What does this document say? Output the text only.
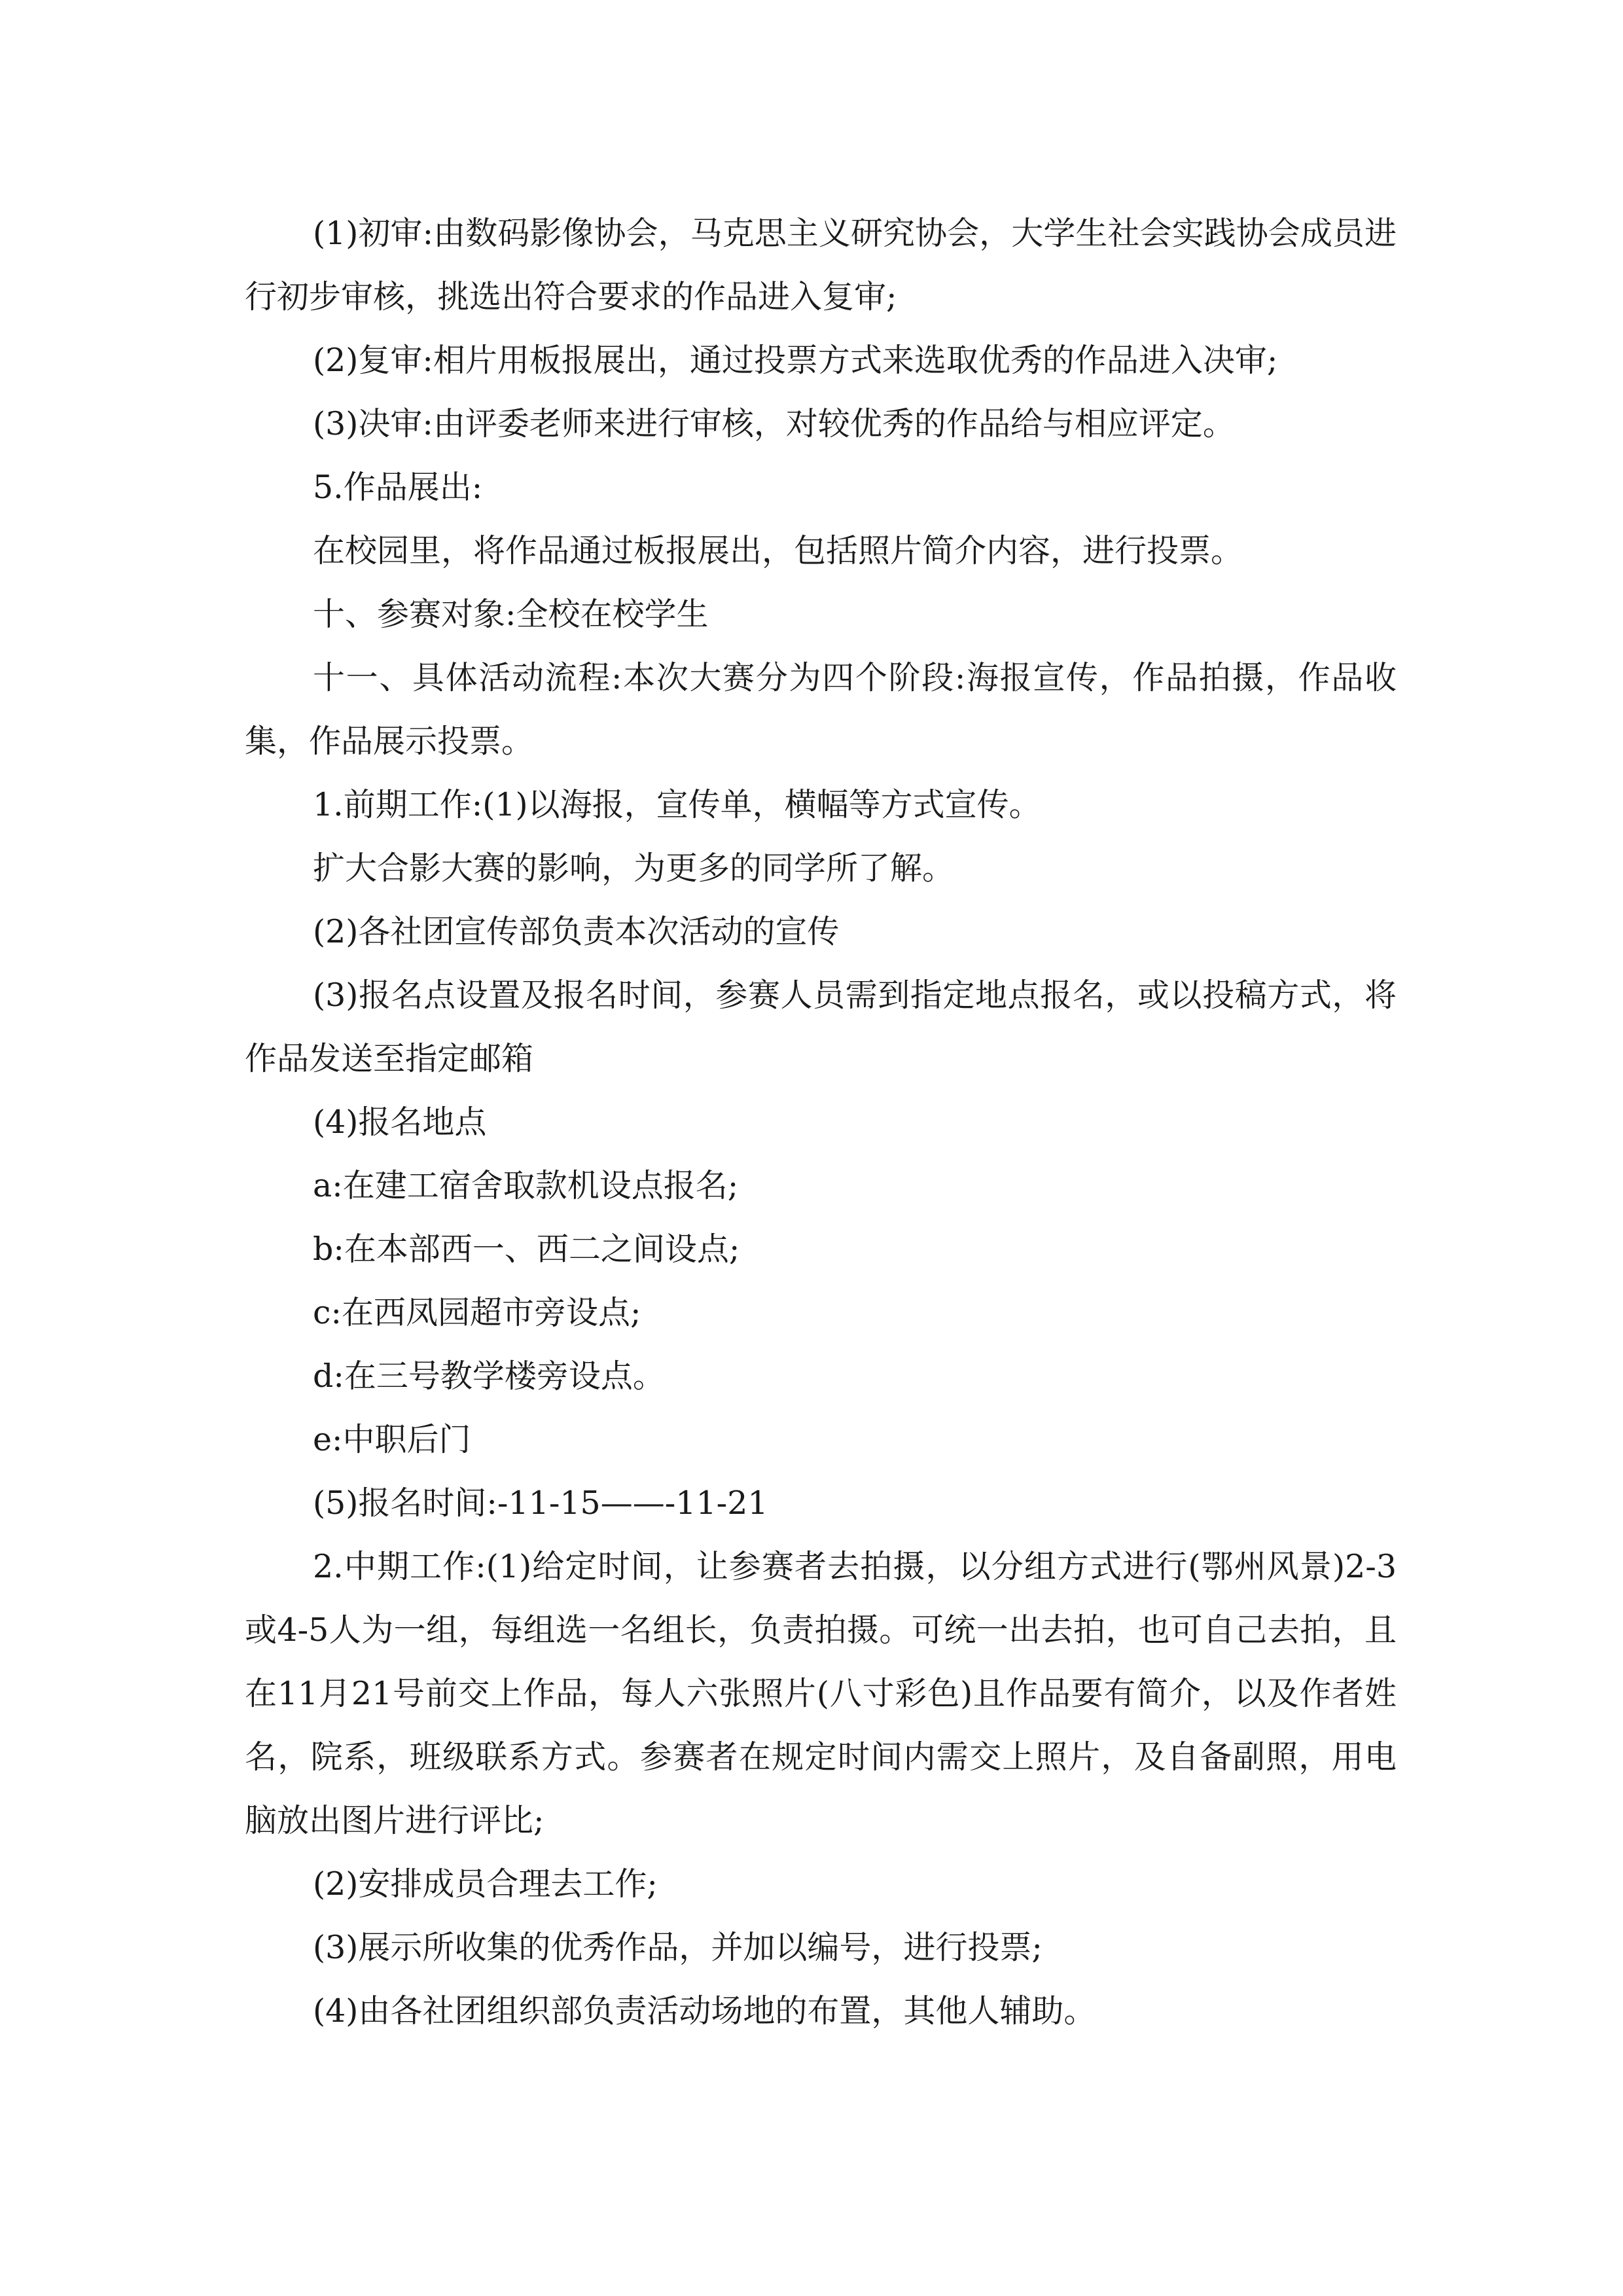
(1)初审:由数码影像协会，马克思主义研究协会，大学生社会实践协会成员进行初步审核，挑选出符合要求的作品进入复审;

(2)复审:相片用板报展出，通过投票方式来选取优秀的作品进入决审;

(3)决审:由评委老师来进行审核，对较优秀的作品给与相应评定。

5.作品展出:

在校园里，将作品通过板报展出，包括照片简介内容，进行投票。

十、参赛对象:全校在校学生

十一、具体活动流程:本次大赛分为四个阶段:海报宣传，作品拍摄，作品收集，作品展示投票。

1.前期工作:(1)以海报，宣传单，横幅等方式宣传。

扩大合影大赛的影响，为更多的同学所了解。

(2)各社团宣传部负责本次活动的宣传

(3)报名点设置及报名时间，参赛人员需到指定地点报名，或以投稿方式，将作品发送至指定邮箱

(4)报名地点

a:在建工宿舍取款机设点报名;

b:在本部西一、西二之间设点;

c:在西凤园超市旁设点;

d:在三号教学楼旁设点。

e:中职后门

(5)报名时间:-11-15——-11-21

2.中期工作:(1)给定时间，让参赛者去拍摄，以分组方式进行(鄂州风景)2-3或4-5人为一组，每组选一名组长，负责拍摄。可统一出去拍，也可自己去拍，且在11月21号前交上作品，每人六张照片(八寸彩色)且作品要有简介，以及作者姓名，院系，班级联系方式。参赛者在规定时间内需交上照片，及自备副照，用电脑放出图片进行评比;

(2)安排成员合理去工作;

(3)展示所收集的优秀作品，并加以编号，进行投票;

(4)由各社团组织部负责活动场地的布置，其他人辅助。
